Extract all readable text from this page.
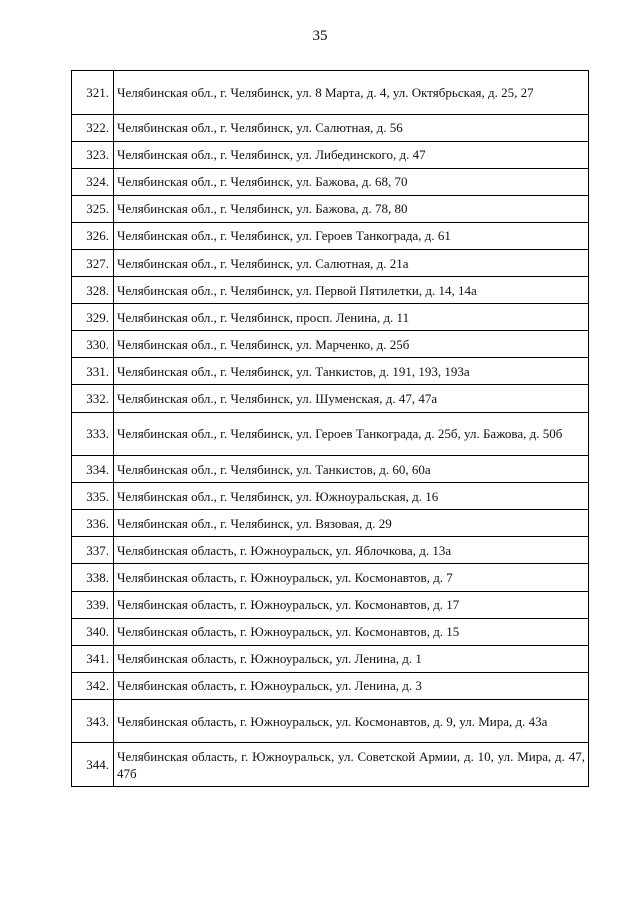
35
321.	Челябинская обл., г. Челябинск, ул. 8 Марта, д. 4, ул. Октябрьская, д. 25, 27
322.	Челябинская обл., г. Челябинск, ул. Салютная, д. 56
323.	Челябинская обл., г. Челябинск, ул. Либединского, д. 47
324.	Челябинская обл., г. Челябинск, ул. Бажова, д. 68, 70
325.	Челябинская обл., г. Челябинск, ул. Бажова, д. 78, 80
326.	Челябинская обл., г. Челябинск, ул. Героев Танкограда, д. 61
327.	Челябинская обл., г. Челябинск, ул. Салютная, д. 21а
328.	Челябинская обл., г. Челябинск, ул. Первой Пятилетки, д. 14, 14а
329.	Челябинская обл., г. Челябинск, просп. Ленина, д. 11
330.	Челябинская обл., г. Челябинск, ул. Марченко, д. 25б
331.	Челябинская обл., г. Челябинск, ул. Танкистов, д. 191, 193, 193а
332.	Челябинская обл., г. Челябинск, ул. Шуменская, д. 47, 47а
333.	Челябинская обл., г. Челябинск, ул. Героев Танкограда, д. 25б, ул. Бажова, д. 50б
334.	Челябинская обл., г. Челябинск, ул. Танкистов, д. 60, 60а
335.	Челябинская обл., г. Челябинск, ул. Южноуральская, д. 16
336.	Челябинская обл., г. Челябинск, ул. Вязовая, д. 29
337.	Челябинская область, г. Южноуральск, ул. Яблочкова, д. 13а
338.	Челябинская область, г. Южноуральск, ул. Космонавтов, д. 7
339.	Челябинская область, г. Южноуральск, ул. Космонавтов, д. 17
340.	Челябинская область, г. Южноуральск, ул. Космонавтов, д. 15
341.	Челябинская область, г. Южноуральск, ул. Ленина, д. 1
342.	Челябинская область, г. Южноуральск, ул. Ленина, д. 3
343.	Челябинская область, г. Южноуральск, ул. Космонавтов, д. 9, ул. Мира, д. 43а
344.	Челябинская область, г. Южноуральск, ул. Советской Армии, д. 10, ул. Мира, д. 47, 47б
